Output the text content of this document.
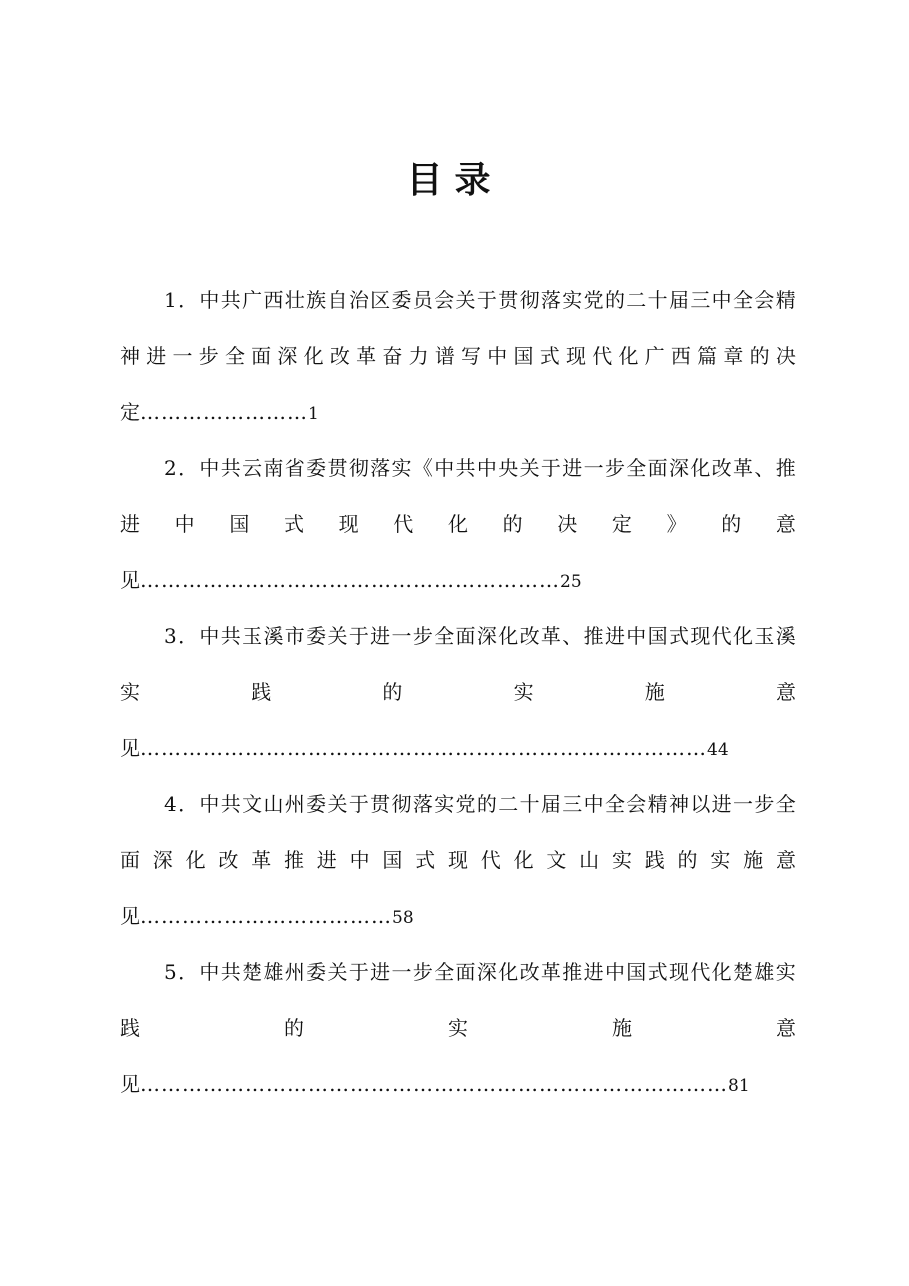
目录
1 ． 中 共 广 西 壮 族 自 治 区 委 员 会 关 于 贯 彻 落 实 党 的 二 十 届 三 中 全 会 精
神 进 一 步 全 面 深 化 改 革 奋 力 谱 写 中 国 式 现 代 化 广 西 篇 章 的 决
定……………………1
2 ． 中 共 云 南 省 委 贯 彻 落 实 《 中 共 中 央 关 于 进 一 步 全 面 深 化 改 革 、 推
进 中 国 式 现 代 化 的 决 定 》 的 意
见……………………………………………………25
3 ． 中 共 玉 溪 市 委 关 于 进 一 步 全 面 深 化 改 革 、 推 进 中 国 式 现 代 化 玉 溪
实	践	的	实	施	意
见………………………………………………………………………44
4 ． 中 共 文 山 州 委 关 于 贯 彻 落 实 党 的 二 十 届 三 中 全 会 精 神 以 进 一 步 全
面 深 化 改 革 推 进 中 国 式 现 代 化 文 山 实 践 的 实 施 意
见………………………………58
5 ． 中 共 楚 雄 州 委 关 于 进 一 步 全 面 深 化 改 革 推 进 中 国 式 现 代 化 楚 雄 实
践	的	实	施	意
见…………………………………………………………………………81
